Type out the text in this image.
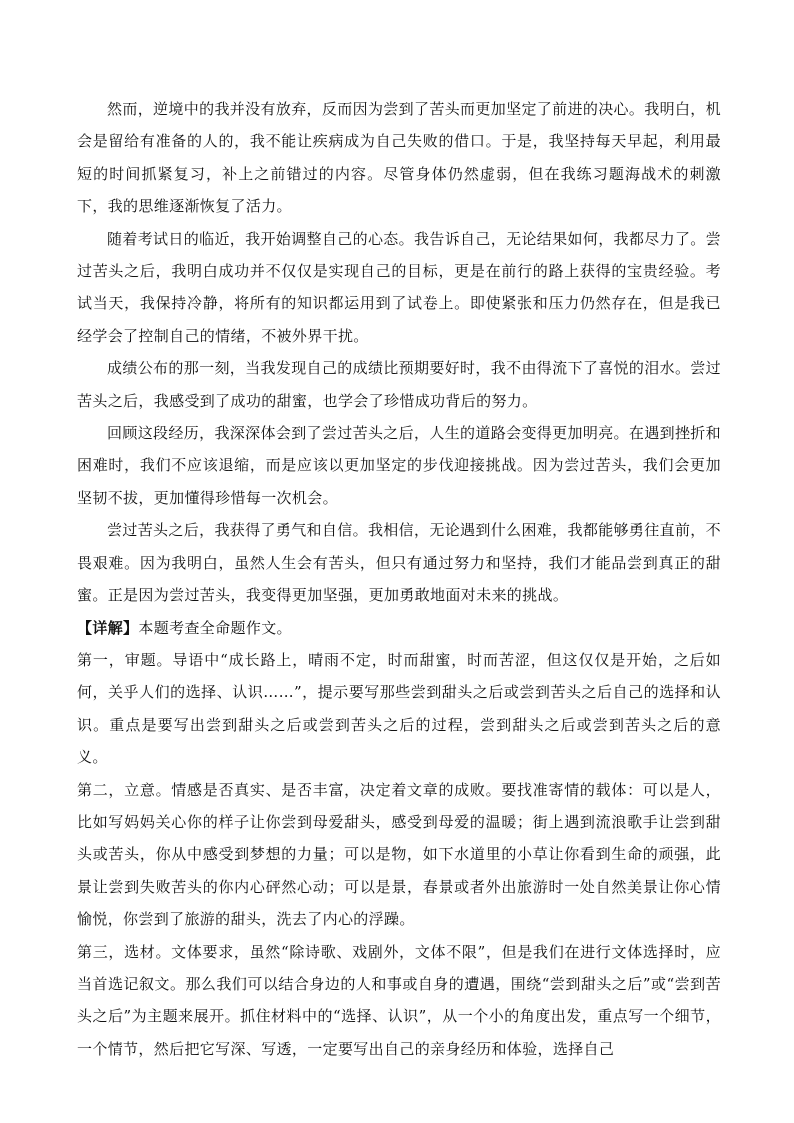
然而，逆境中的我并没有放弃，反而因为尝到了苦头而更加坚定了前进的决心。我明白，机会是留给有准备的人的，我不能让疾病成为自己失败的借口。于是，我坚持每天早起，利用最短的时间抓紧复习，补上之前错过的内容。尽管身体仍然虚弱，但在我练习题海战术的刺激下，我的思维逐渐恢复了活力。

随着考试日的临近，我开始调整自己的心态。我告诉自己，无论结果如何，我都尽力了。尝过苦头之后，我明白成功并不仅仅是实现自己的目标，更是在前行的路上获得的宝贵经验。考试当天，我保持冷静，将所有的知识都运用到了试卷上。即使紧张和压力仍然存在，但是我已经学会了控制自己的情绪，不被外界干扰。

成绩公布的那一刻，当我发现自己的成绩比预期要好时，我不由得流下了喜悦的泪水。尝过苦头之后，我感受到了成功的甜蜜，也学会了珍惜成功背后的努力。

回顾这段经历，我深深体会到了尝过苦头之后，人生的道路会变得更加明亮。在遇到挫折和困难时，我们不应该退缩，而是应该以更加坚定的步伐迎接挑战。因为尝过苦头，我们会更加坚韧不拔，更加懂得珍惜每一次机会。

尝过苦头之后，我获得了勇气和自信。我相信，无论遇到什么困难，我都能够勇往直前，不畏艰难。因为我明白，虽然人生会有苦头，但只有通过努力和坚持，我们才能品尝到真正的甜蜜。正是因为尝过苦头，我变得更加坚强，更加勇敢地面对未来的挑战。

【详解】本题考查全命题作文。

第一，审题。导语中“成长路上，晴雨不定，时而甜蜜，时而苦涩，但这仅仅是开始，之后如何，关乎人们的选择、认识……”，提示要写那些尝到甜头之后或尝到苦头之后自己的选择和认识。重点是要写出尝到甜头之后或尝到苦头之后的过程，尝到甜头之后或尝到苦头之后的意义。

第二，立意。情感是否真实、是否丰富，决定着文章的成败。要找准寄情的载体：可以是人，比如写妈妈关心你的样子让你尝到母爱甜头，感受到母爱的温暖；街上遇到流浪歌手让尝到甜头或苦头，你从中感受到梦想的力量；可以是物，如下水道里的小草让你看到生命的顽强，此景让尝到失败苦头的你内心砰然心动；可以是景，春景或者外出旅游时一处自然美景让你心情愉悦，你尝到了旅游的甜头，洗去了内心的浮躁。

第三，选材。文体要求，虽然“除诗歌、戏剧外，文体不限”，但是我们在进行文体选择时，应当首选记叙文。那么我们可以结合身边的人和事或自身的遭遇，围绕“尝到甜头之后”或“尝到苦头之后”为主题来展开。抓住材料中的“选择、认识”，从一个小的角度出发，重点写一个细节，一个情节，然后把它写深、写透，一定要写出自己的亲身经历和体验，选择自己
